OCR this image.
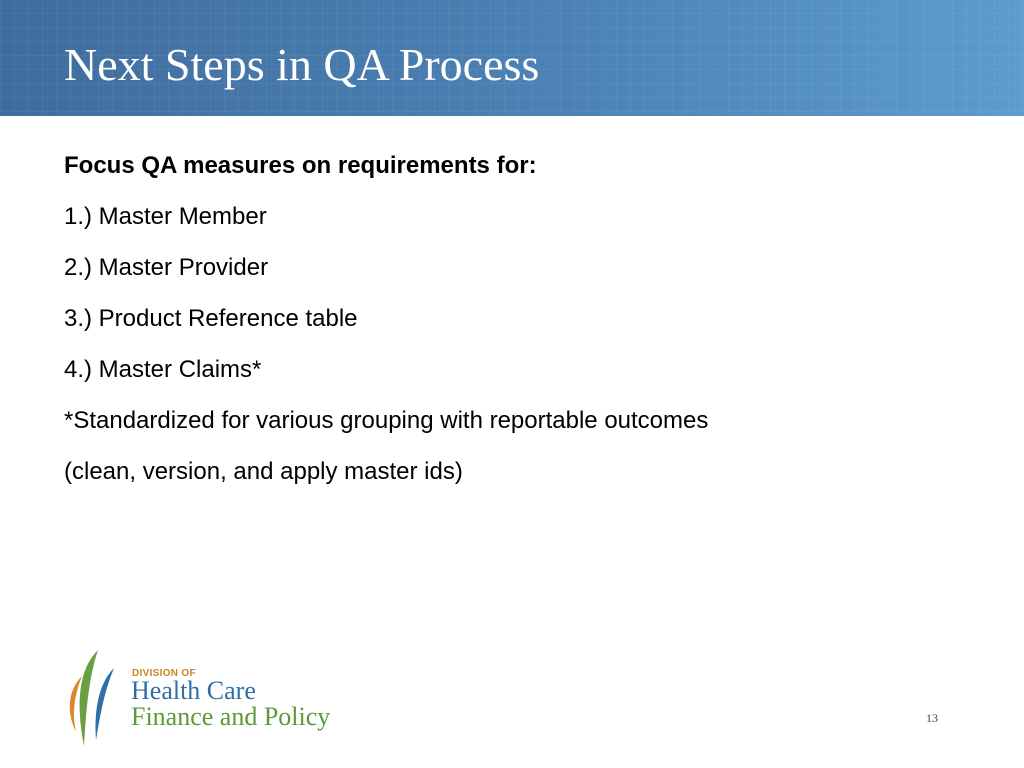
Next Steps in QA Process

Focus QA measures on requirements for:

1.) Master Member

2.) Master Provider

3.) Product Reference table

4.) Master Claims*

*Standardized for various grouping with reportable outcomes

(clean, version, and apply master ids)

DIVISION OF
Health Care
Finance and Policy	13
